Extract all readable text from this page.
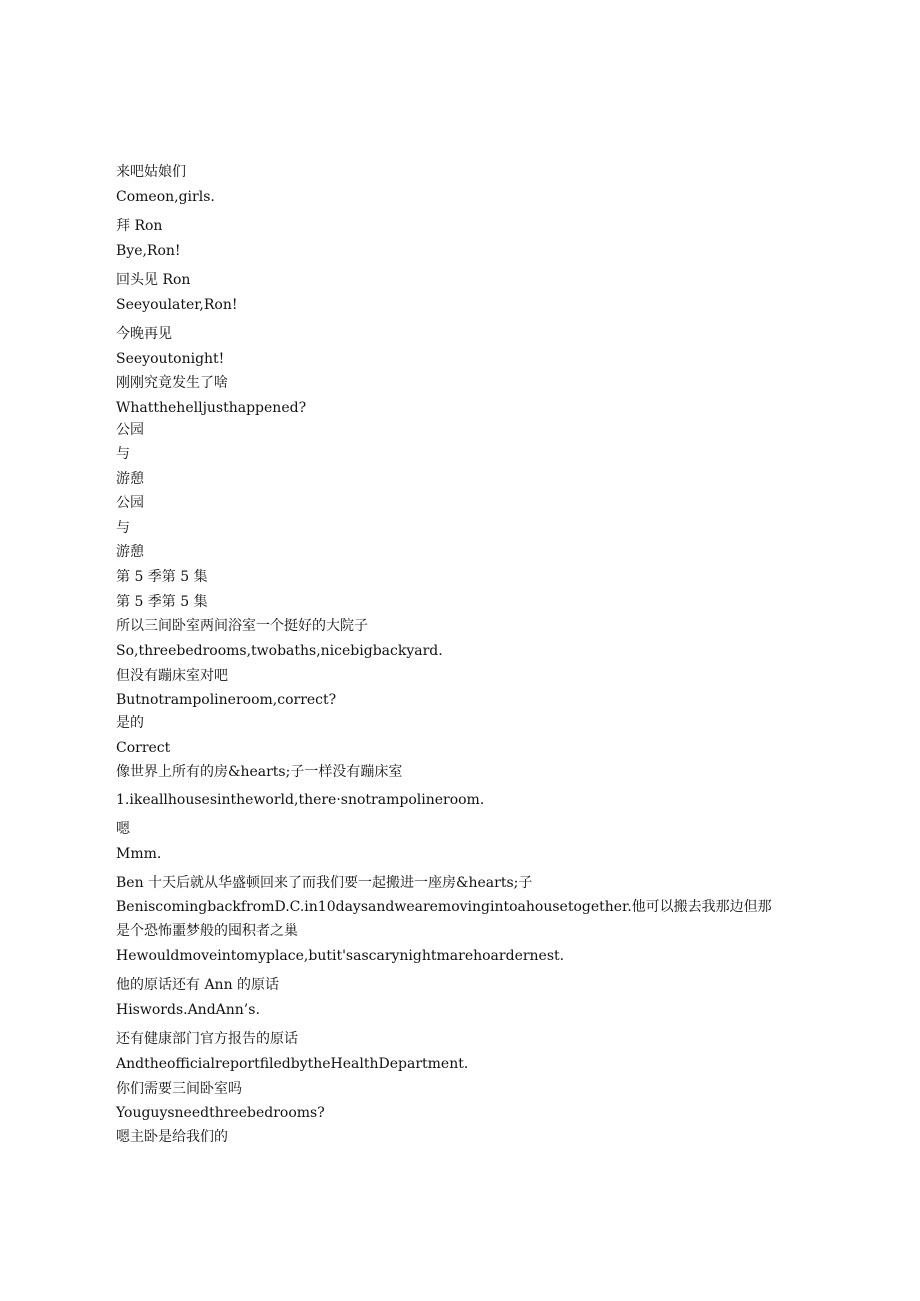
来吧姑娘们
Comeon,girls.
拜 Ron
Bye,Ron!
回头见 Ron
Seeyoulater,Ron!
今晚再见
Seeyoutonight!
刚刚究竟发生了啥
Whatthehelljusthappened?
公园
与
游憩
公园
与
游憩
第 5 季第 5 集
第 5 季第 5 集
所以三间卧室两间浴室一个挺好的大院子
So,threebedrooms,twobaths,nicebigbackyard.
但没有蹦床室对吧
Butnotrampolineroom,correct?
是的
Correct
像世界上所有的房&hearts;子一样没有蹦床室
1.ikeallhousesintheworld,there·snotrampolineroom.
嗯
Mmm.
Ben 十天后就从华盛顿回来了而我们要一起搬进一座房&hearts;子
BeniscomingbackfromD.C.in10daysandwearemovingintoahousetogether.他可以搬去我那边但那
是个恐怖噩梦般的囤积者之巢
Hewouldmoveintomyplace,butit'sascarynightmarehoardernest.
他的原话还有 Ann 的原话
Hiswords.AndAnn’s.
还有健康部门官方报告的原话
AndtheofficialreportfiledbytheHealthDepartment.
你们需要三间卧室吗
Youguysneedthreebedrooms?
嗯主卧是给我们的
